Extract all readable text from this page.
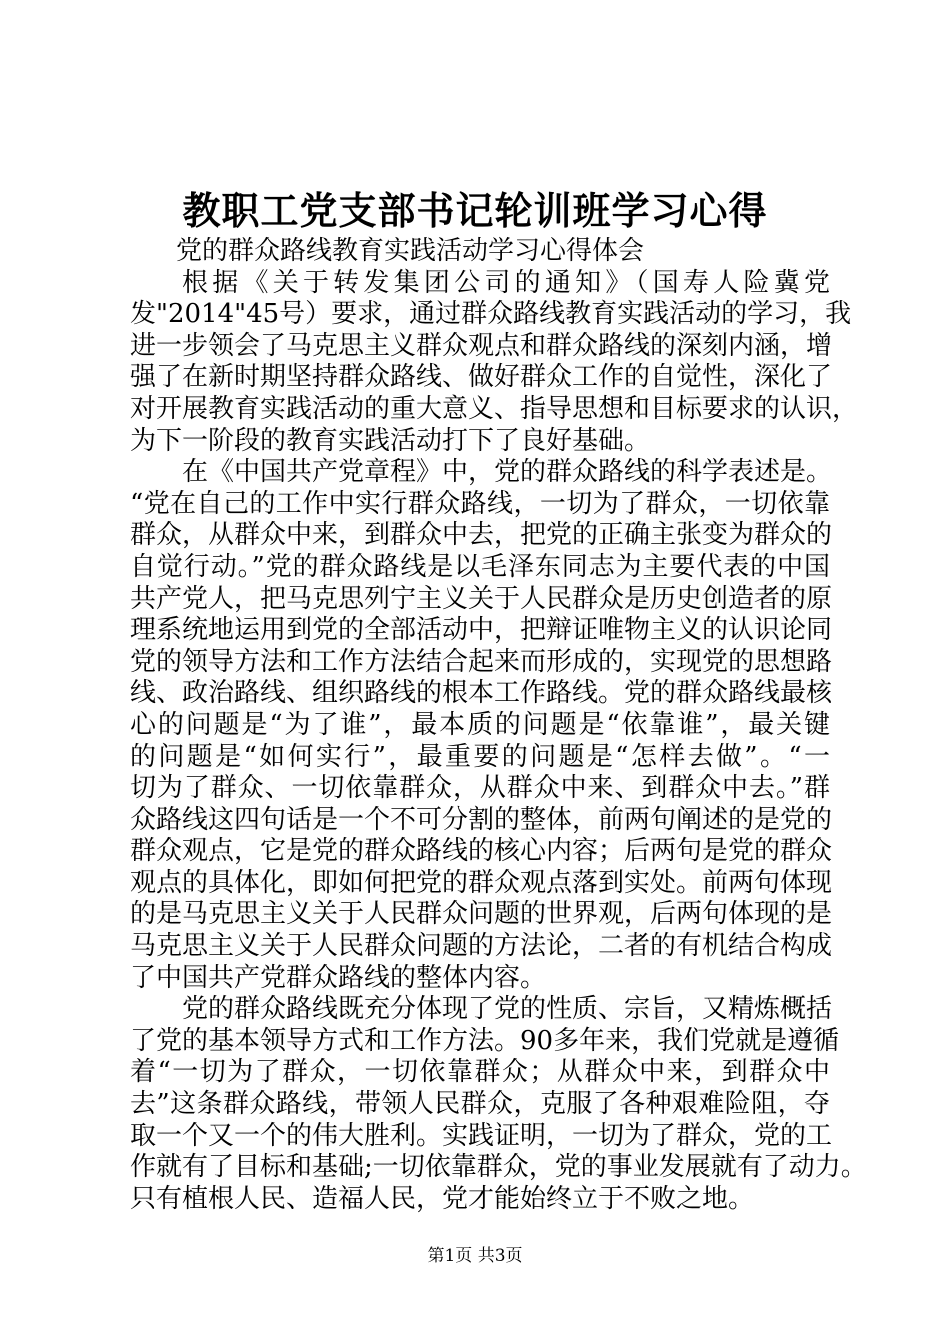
教职工党支部书记轮训班学习心得
党的群众路线教育实践活动学习心得体会
根据《关于转发集团公司的通知》（国寿人险冀党
发"2014"45号）要求，通过群众路线教育实践活动的学习，我
进一步领会了马克思主义群众观点和群众路线的深刻内涵，增
强了在新时期坚持群众路线、做好群众工作的自觉性，深化了
对开展教育实践活动的重大意义、指导思想和目标要求的认识，
为下一阶段的教育实践活动打下了良好基础。
在《中国共产党章程》中，党的群众路线的科学表述是。
“党在自己的工作中实行群众路线，一切为了群众，一切依靠
群众，从群众中来，到群众中去，把党的正确主张变为群众的
自觉行动。”党的群众路线是以毛泽东同志为主要代表的中国
共产党人，把马克思列宁主义关于人民群众是历史创造者的原
理系统地运用到党的全部活动中，把辩证唯物主义的认识论同
党的领导方法和工作方法结合起来而形成的，实现党的思想路
线、政治路线、组织路线的根本工作路线。党的群众路线最核
心的问题是“为了谁”，最本质的问题是“依靠谁”，最关键
的问题是“如何实行”，最重要的问题是“怎样去做”。“一
切为了群众、一切依靠群众，从群众中来、到群众中去。”群
众路线这四句话是一个不可分割的整体，前两句阐述的是党的
群众观点，它是党的群众路线的核心内容；后两句是党的群众
观点的具体化，即如何把党的群众观点落到实处。前两句体现
的是马克思主义关于人民群众问题的世界观，后两句体现的是
马克思主义关于人民群众问题的方法论，二者的有机结合构成
了中国共产党群众路线的整体内容。
党的群众路线既充分体现了党的性质、宗旨，又精炼概括
了党的基本领导方式和工作方法。90多年来，我们党就是遵循
着“一切为了群众，一切依靠群众；从群众中来，到群众中
去”这条群众路线，带领人民群众，克服了各种艰难险阻，夺
取一个又一个的伟大胜利。实践证明，一切为了群众，党的工
作就有了目标和基础;一切依靠群众，党的事业发展就有了动力。
只有植根人民、造福人民，党才能始终立于不败之地。
第1页 共3页
